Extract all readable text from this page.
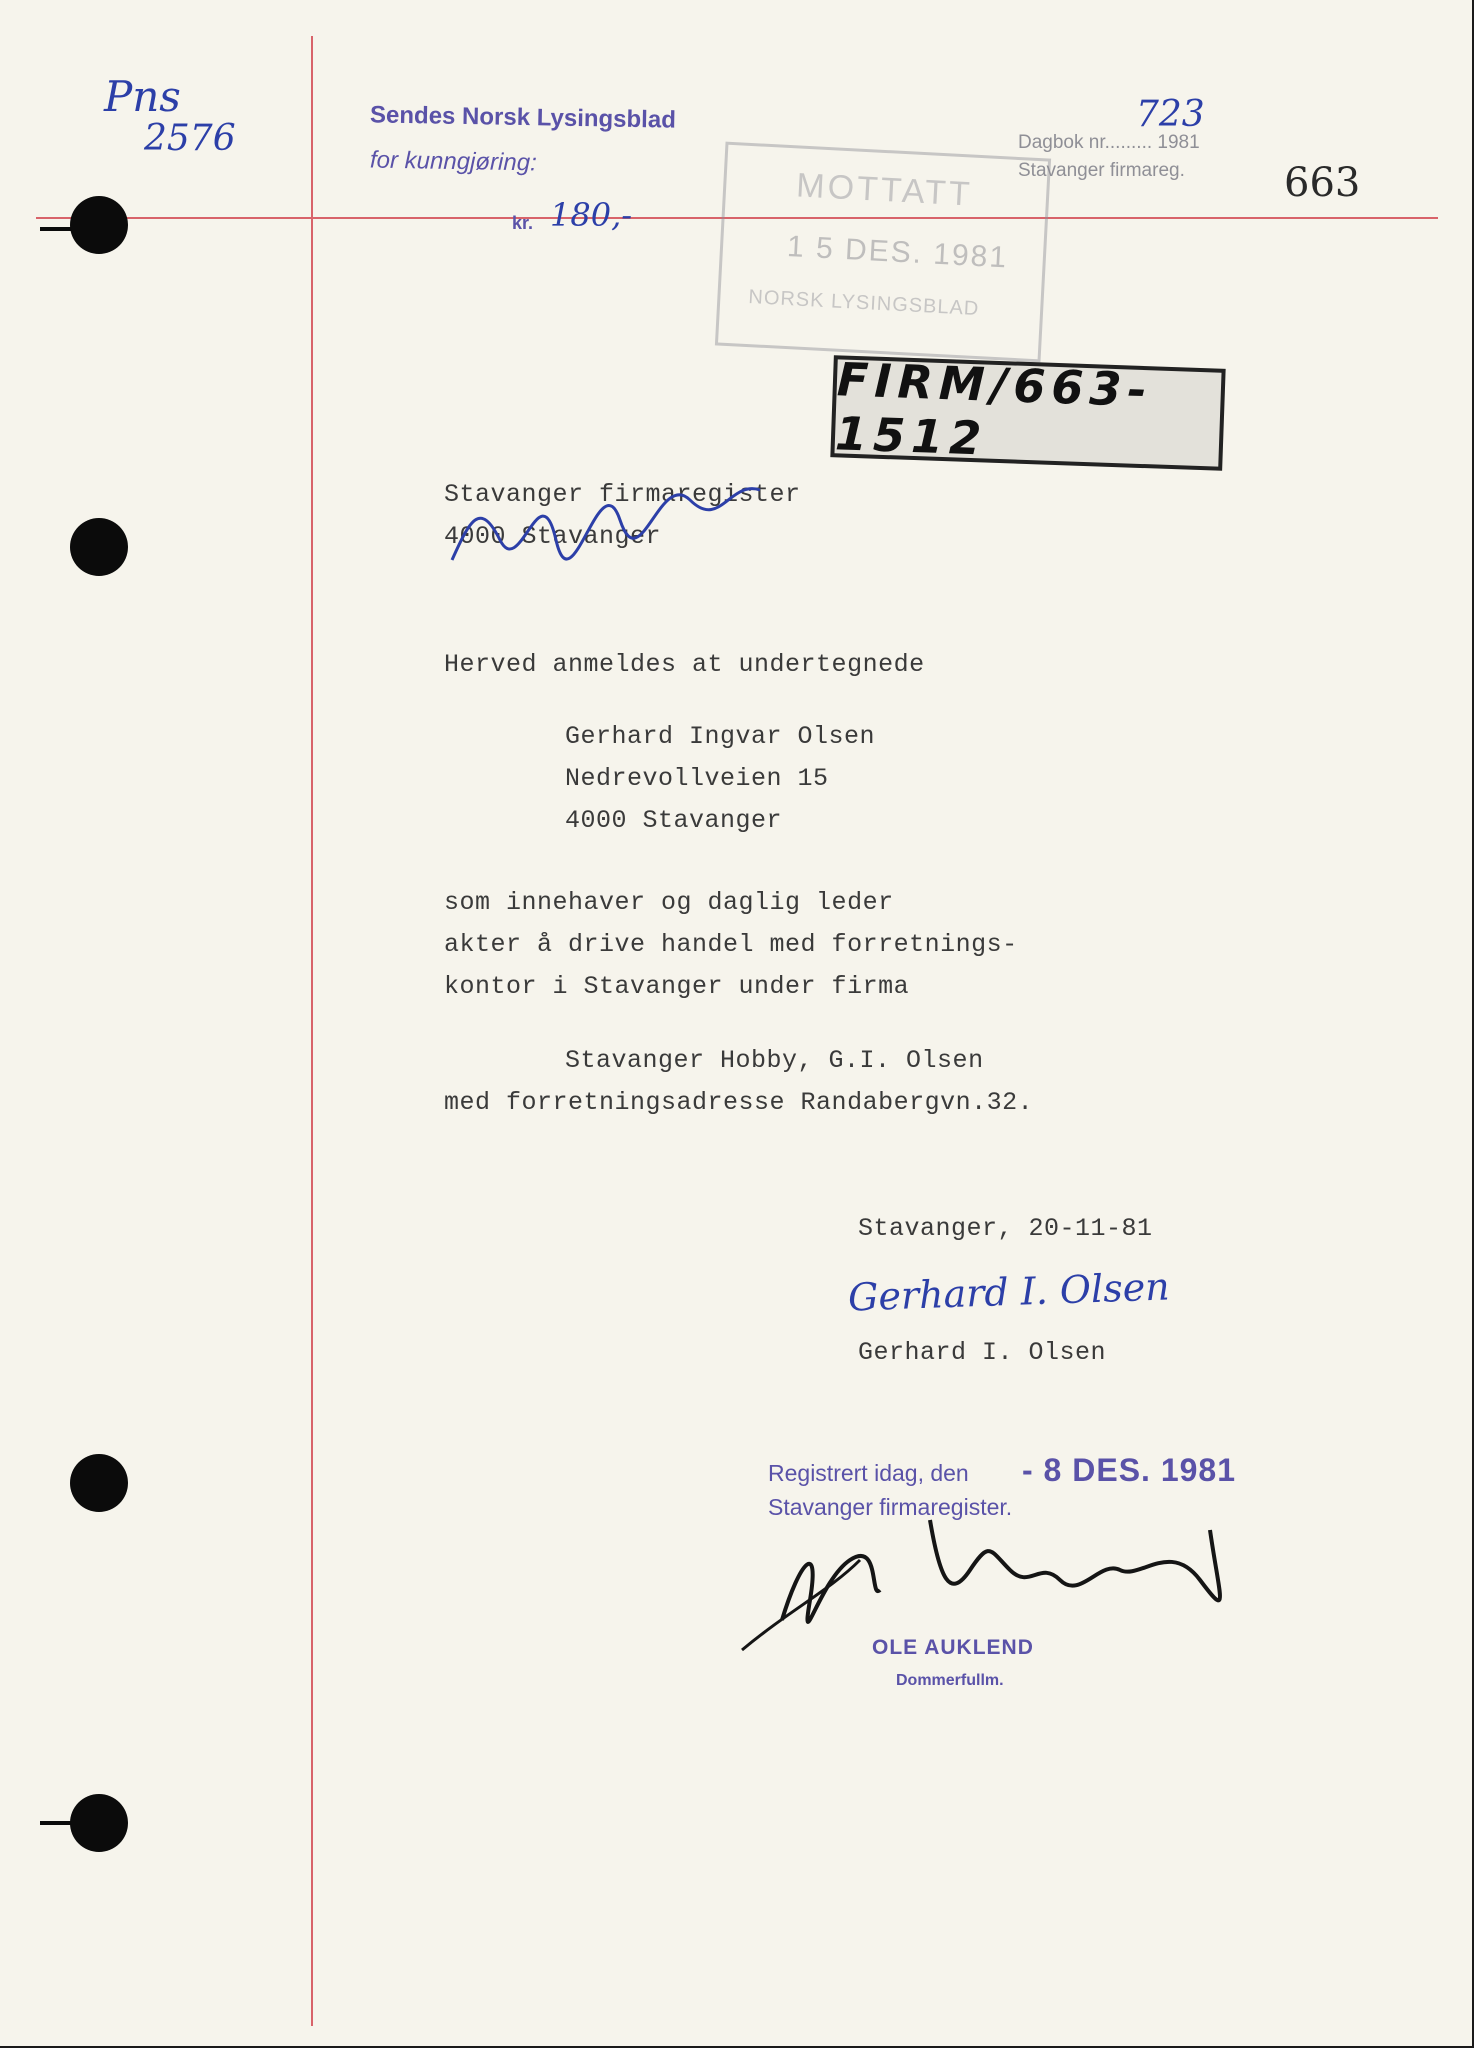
Pns
2576
Sendes Norsk Lysingsblad
for kunngjøring:
kr. 180,-
Dagbok nr......... 1981
Stavanger firmareg.
723
663
MOTTATT
1 5 DES. 1981
NORSK LYSINGSBLAD
FIRM/663-1512
Stavanger firmaregister
4000 Stavanger
Herved anmeldes at undertegnede
Gerhard Ingvar Olsen
Nedrevollveien 15
4000 Stavanger
som innehaver og daglig leder
akter å drive handel med forretnings-
kontor i Stavanger under firma
Stavanger Hobby, G.I. Olsen
med forretningsadresse Randabergvn.32.
Stavanger, 20-11-81
Gerhard I. Olsen
Gerhard I. Olsen
Registrert idag, den - 8 DES. 1981
Stavanger firmaregister.
OLE AUKLEND
Dommerfullm.
